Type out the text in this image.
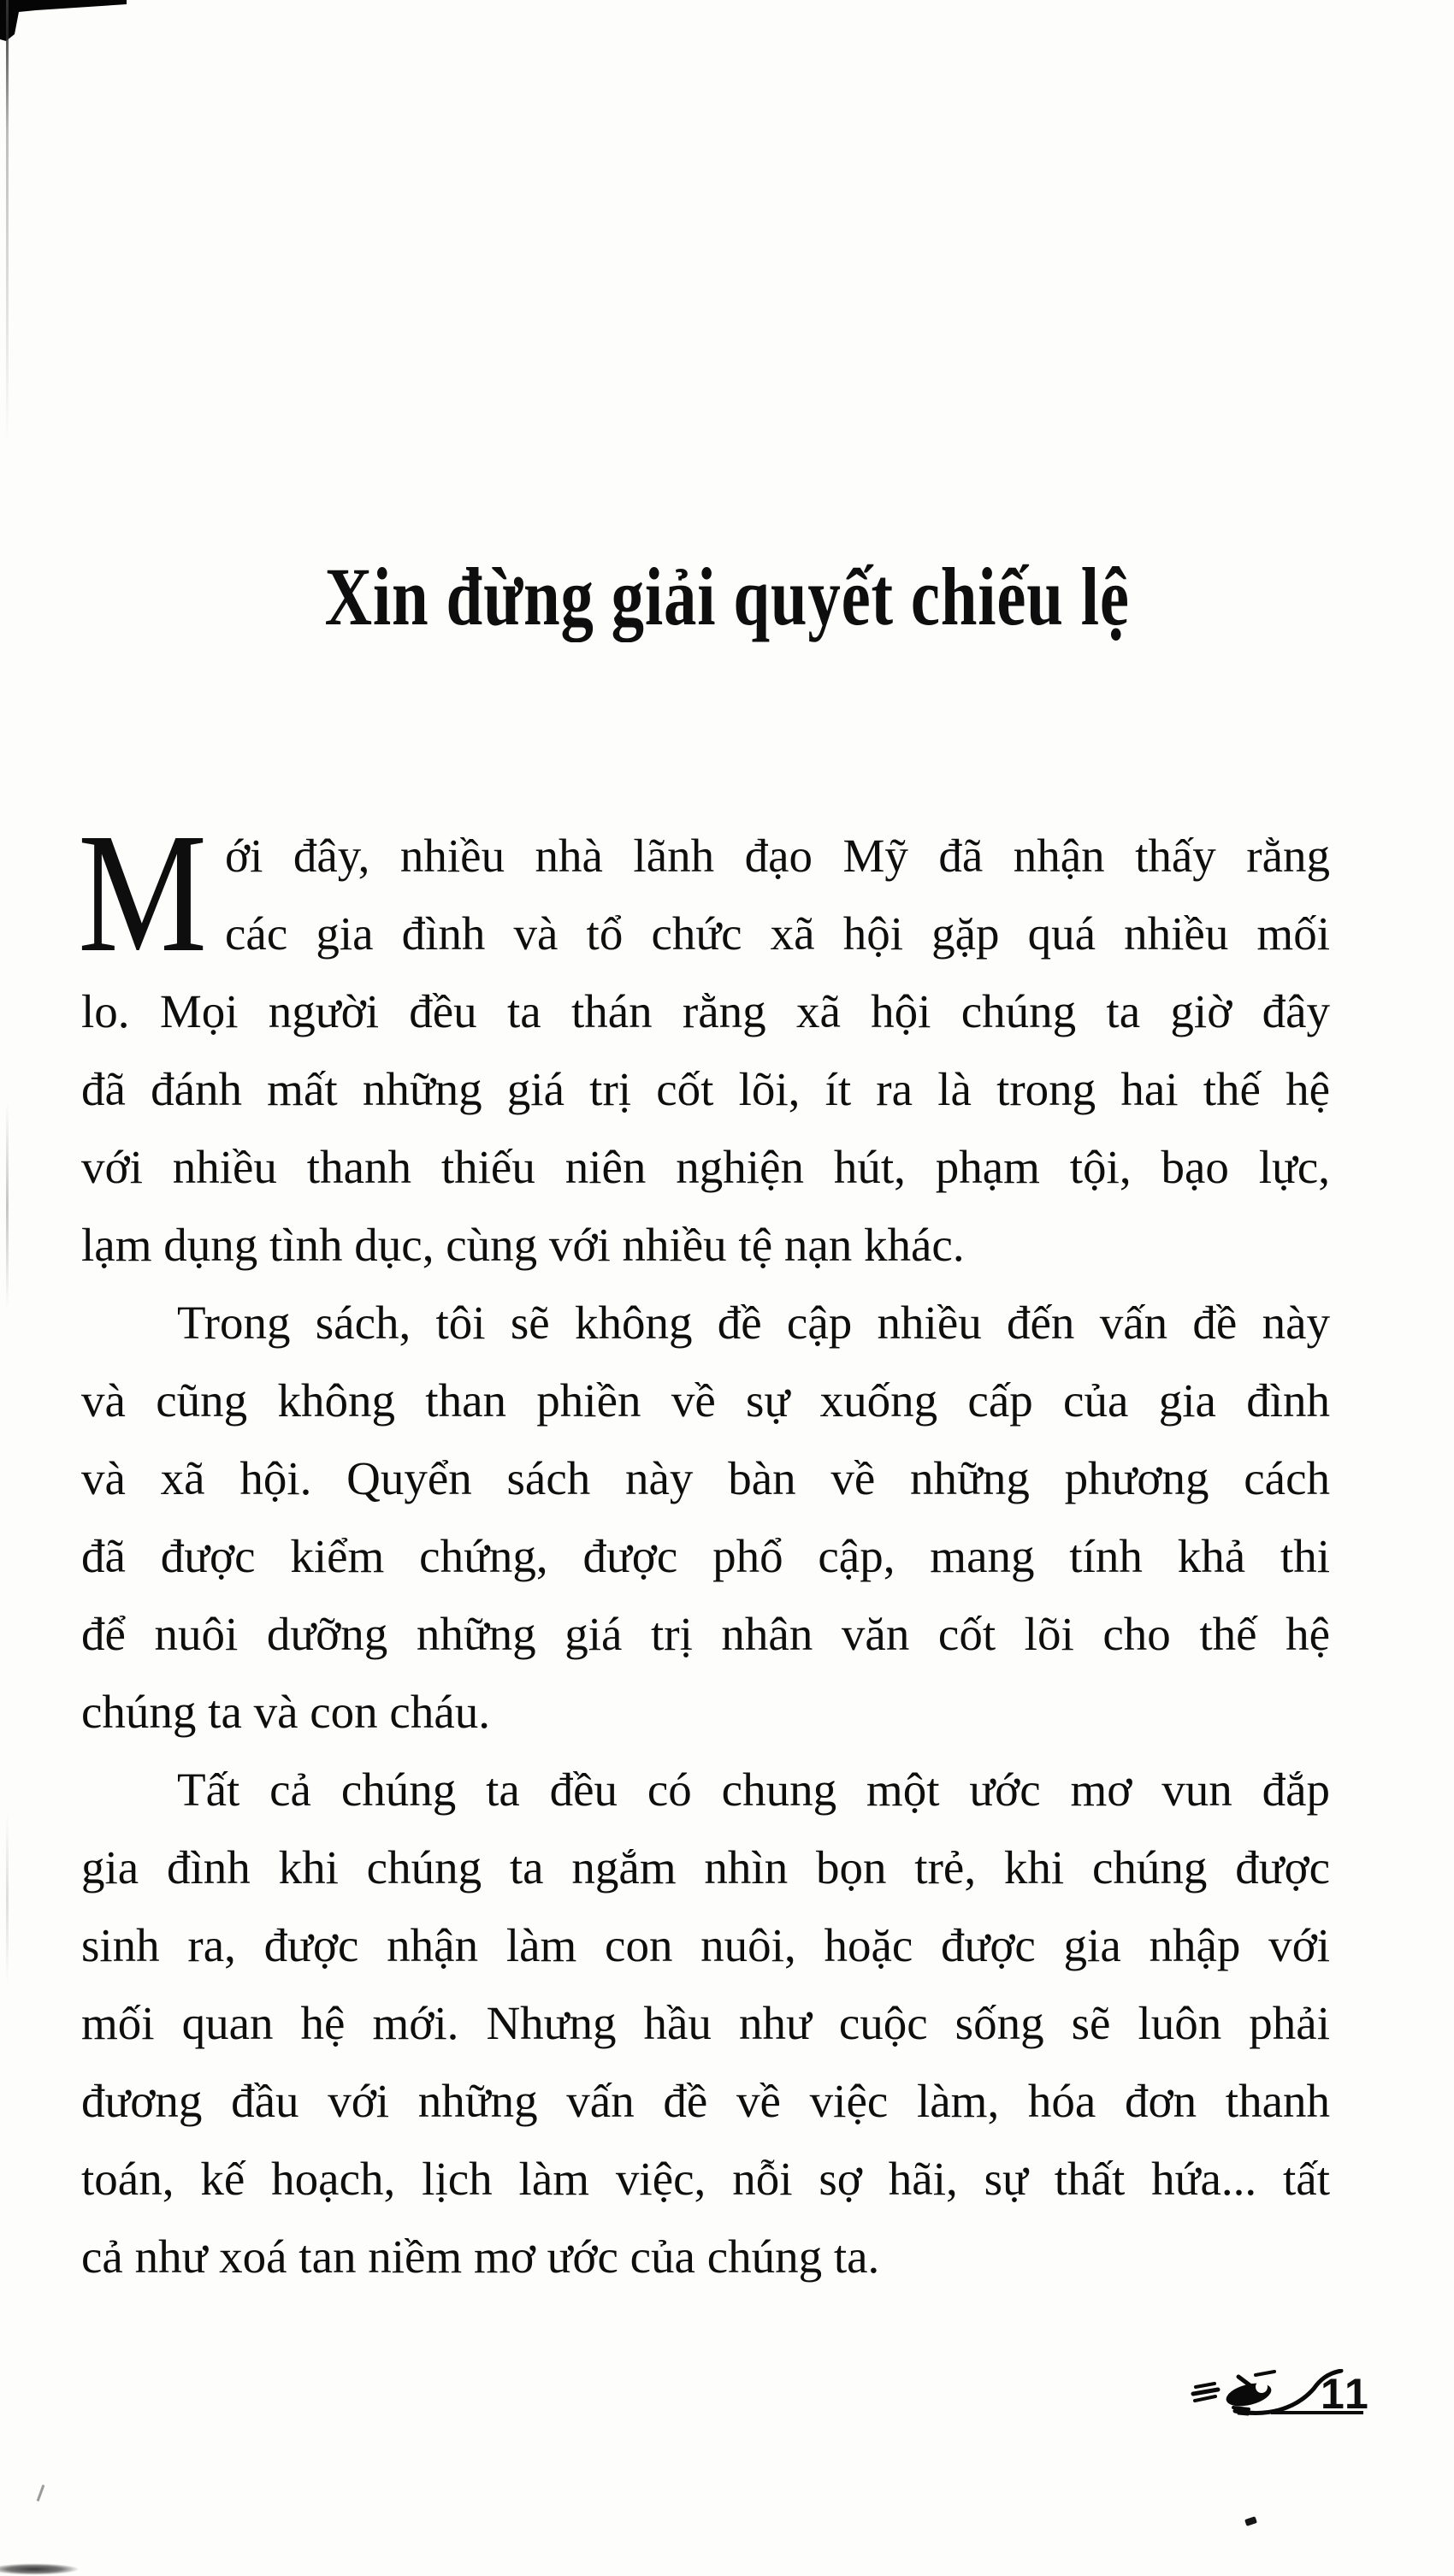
Xin đừng giải quyết chiếu lệ
M ới đây, nhiều nhà lãnh đạo Mỹ đã nhận thấy rằng
các gia đình và tổ chức xã hội gặp quá nhiều mối
lo. Mọi người đều ta thán rằng xã hội chúng ta giờ đây
đã đánh mất những giá trị cốt lõi, ít ra là trong hai thế hệ
với nhiều thanh thiếu niên nghiện hút, phạm tội, bạo lực,
lạm dụng tình dục, cùng với nhiều tệ nạn khác.
Trong sách, tôi sẽ không đề cập nhiều đến vấn đề này
và cũng không than phiền về sự xuống cấp của gia đình
và xã hội. Quyển sách này bàn về những phương cách
đã được kiểm chứng, được phổ cập, mang tính khả thi
để nuôi dưỡng những giá trị nhân văn cốt lõi cho thế hệ
chúng ta và con cháu.
Tất cả chúng ta đều có chung một ước mơ vun đắp
gia đình khi chúng ta ngắm nhìn bọn trẻ, khi chúng được
sinh ra, được nhận làm con nuôi, hoặc được gia nhập với
mối quan hệ mới. Nhưng hầu như cuộc sống sẽ luôn phải
đương đầu với những vấn đề về việc làm, hóa đơn thanh
toán, kế hoạch, lịch làm việc, nỗi sợ hãi, sự thất hứa... tất
cả như xoá tan niềm mơ ước của chúng ta.
11
